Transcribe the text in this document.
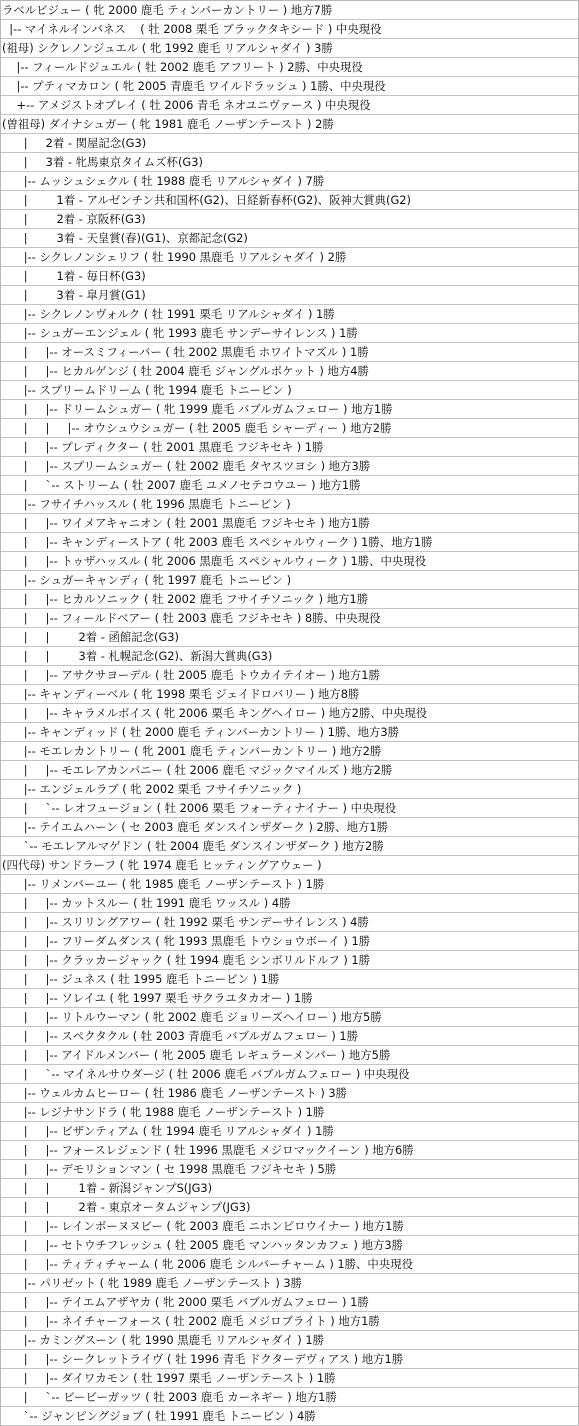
ラベルビジュー ( 牝 2000 鹿毛 ティンバーカントリー ) 地方7勝
|-- マイネルインバネス    ( 牡 2008 栗毛 ブラックタキシード ) 中央現役
(祖母) シクレノンジュエル ( 牝 1992 鹿毛 リアルシャダイ ) 3勝
|-- フィールドジュエル ( 牡 2002 鹿毛 アフリート ) 2勝、中央現役
|-- プティマカロン ( 牝 2005 青鹿毛 ワイルドラッシュ ) 1勝、中央現役
+-- アメジストオブレイ ( 牡 2006 青毛 ネオユニヴァース ) 中央現役
(曽祖母) ダイナシュガー ( 牝 1981 鹿毛 ノーザンテースト ) 2勝
|     2着 - 関屋記念(G3)
|     3着 - 牝馬東京タイムズ杯(G3)
|-- ムッシュシェクル ( 牡 1988 鹿毛 リアルシャダイ ) 7勝
|        1着 - アルゼンチン共和国杯(G2)、日経新春杯(G2)、阪神大賞典(G2)
|        2着 - 京阪杯(G3)
|        3着 - 天皇賞(春)(G1)、京都記念(G2)
|-- シクレノンシェリフ ( 牡 1990 黒鹿毛 リアルシャダイ ) 2勝
|        1着 - 毎日杯(G3)
|        3着 - 皐月賞(G1)
|-- シクレノンヴォルク ( 牡 1991 栗毛 リアルシャダイ ) 1勝
|-- シュガーエンジェル ( 牝 1993 鹿毛 サンデーサイレンス ) 1勝
|     |-- オースミフィーバー ( 牡 2002 黒鹿毛 ホワイトマズル ) 1勝
|     |-- ヒカルゲンジ ( 牡 2004 鹿毛 ジャングルポケット ) 地方4勝
|-- スプリームドリーム ( 牝 1994 鹿毛 トニービン )
|     |-- ドリームシュガー ( 牝 1999 鹿毛 バブルガムフェロー ) 地方1勝
|     |     |-- オウシュウシュガー ( 牡 2005 鹿毛 シャーディー ) 地方2勝
|     |-- プレディクター ( 牡 2001 黒鹿毛 フジキセキ ) 1勝
|     |-- スプリームシュガー ( 牡 2002 鹿毛 タヤスツヨシ ) 地方3勝
|     `-- ストリーム ( 牡 2007 鹿毛 ユメノセテコウユー ) 地方1勝
|-- フサイチハッスル ( 牝 1996 黒鹿毛 トニービン )
|     |-- ワイメアキャニオン ( 牡 2001 黒鹿毛 フジキセキ ) 地方1勝
|     |-- キャンディーストア ( 牝 2003 鹿毛 スペシャルウィーク ) 1勝、地方1勝
|     |-- トゥザハッスル ( 牝 2006 黒鹿毛 スペシャルウィーク ) 1勝、中央現役
|-- シュガーキャンディ ( 牝 1997 鹿毛 トニービン )
|     |-- ヒカルソニック ( 牡 2002 鹿毛 フサイチソニック ) 地方1勝
|     |-- フィールドベアー ( 牡 2003 鹿毛 フジキセキ ) 8勝、中央現役
|     |        2着 - 函館記念(G3)
|     |        3着 - 札幌記念(G2)、新潟大賞典(G3)
|     |-- アサクサヨーデル ( 牡 2005 鹿毛 トウカイテイオー ) 地方1勝
|-- キャンディーベル ( 牝 1998 栗毛 ジェイドロバリー ) 地方8勝
|     |-- キャラメルボイス ( 牝 2006 栗毛 キングヘイロー ) 地方2勝、中央現役
|-- キャンディッド ( 牡 2000 鹿毛 ティンバーカントリー ) 1勝、地方3勝
|-- モエレカントリー ( 牝 2001 鹿毛 ティンバーカントリー ) 地方2勝
|     |-- モエレアカンパニー ( 牡 2006 鹿毛 マジックマイルズ ) 地方2勝
|-- エンジェルラブ ( 牝 2002 栗毛 フサイチソニック )
|     `-- レオフュージョン ( 牡 2006 栗毛 フォーティナイナー ) 中央現役
|-- テイエムハーン ( セ 2003 鹿毛 ダンスインザダーク ) 2勝、地方1勝
`-- モエレアルマゲドン ( 牡 2004 鹿毛 ダンスインザダーク ) 地方2勝
(四代母) サンドラーフ ( 牝 1974 鹿毛 ヒッティングアウェー )
|-- リメンバーユー ( 牝 1985 鹿毛 ノーザンテースト ) 1勝
|     |-- カットスルー ( 牡 1991 鹿毛 ワッスル ) 4勝
|     |-- スリリングアワー ( 牡 1992 栗毛 サンデーサイレンス ) 4勝
|     |-- フリーダムダンス ( 牝 1993 黒鹿毛 トウショウボーイ ) 1勝
|     |-- クラッカージャック ( 牡 1994 鹿毛 シンボリルドルフ ) 1勝
|     |-- ジュネス ( 牡 1995 鹿毛 トニービン ) 1勝
|     |-- ソレイユ ( 牝 1997 栗毛 サクラユタカオー ) 1勝
|     |-- リトルウーマン ( 牝 2002 鹿毛 ジョリーズヘイロー ) 地方5勝
|     |-- スペクタクル ( 牡 2003 青鹿毛 バブルガムフェロー ) 1勝
|     |-- アイドルメンバー ( 牝 2005 鹿毛 レギュラーメンバー ) 地方5勝
|     `-- マイネルサウダージ ( 牡 2006 鹿毛 バブルガムフェロー ) 中央現役
|-- ウェルカムヒーロー ( 牡 1986 鹿毛 ノーザンテースト ) 3勝
|-- レジナサンドラ ( 牝 1988 鹿毛 ノーザンテースト ) 1勝
|     |-- ビザンティアム ( 牡 1994 鹿毛 リアルシャダイ ) 1勝
|     |-- フォースレジェンド ( 牡 1996 黒鹿毛 メジロマックイーン ) 地方6勝
|     |-- デモリションマン ( セ 1998 黒鹿毛 フジキセキ ) 5勝
|     |        1着 - 新潟ジャンプS(JG3)
|     |        2着 - 東京オータムジャンプ(JG3)
|     |-- レインボーヌヌビー ( 牝 2003 鹿毛 ニホンピロウイナー ) 地方1勝
|     |-- セトウチフレッシュ ( 牡 2005 鹿毛 マンハッタンカフェ ) 地方3勝
|     |-- ティティチャーム ( 牝 2006 鹿毛 シルバーチャーム ) 1勝、中央現役
|-- パリゼット ( 牝 1989 鹿毛 ノーザンテースト ) 3勝
|     |-- テイエムアザヤカ ( 牝 2000 栗毛 バブルガムフェロー ) 1勝
|     |-- ネイチャーフォース ( 牡 2002 鹿毛 メジロブライト ) 地方1勝
|-- カミングスーン ( 牝 1990 黒鹿毛 リアルシャダイ ) 1勝
|     |-- シークレットライヴ ( 牡 1996 青毛 ドクターデヴィアス ) 地方1勝
|     |-- ダイワカモン ( 牡 1997 栗毛 ノーザンテースト ) 1勝
|     `-- ビービーガッツ ( 牡 2003 鹿毛 カーネギー ) 地方1勝
`-- ジャンピングジョブ ( 牡 1991 鹿毛 トニービン ) 4勝
